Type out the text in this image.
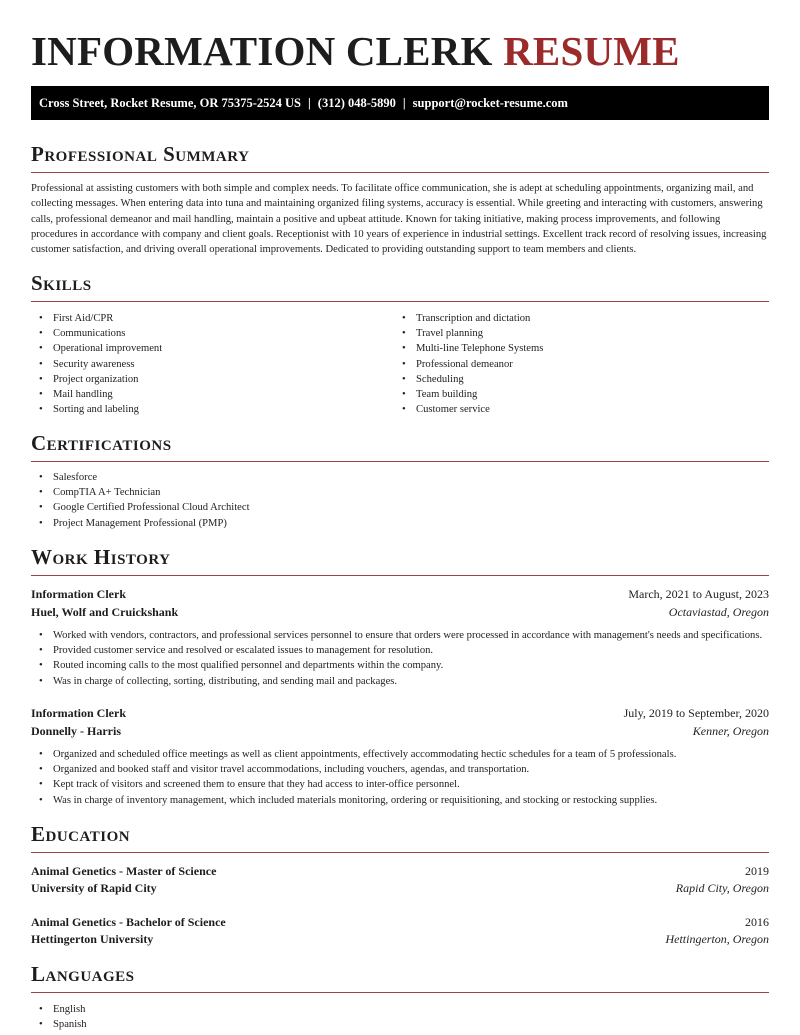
INFORMATION CLERK RESUME
Cross Street, Rocket Resume, OR 75375-2524 US | (312) 048-5890 | support@rocket-resume.com
Professional Summary

Professional at assisting customers with both simple and complex needs. To facilitate office communication, she is adept at scheduling appointments, organizing mail, and collecting messages. When entering data into tuna and maintaining organized filing systems, accuracy is essential. While greeting and interacting with customers, answering calls, professional demeanor and mail handling, maintain a positive and upbeat attitude. Known for taking initiative, making process improvements, and following procedures in accordance with company and client goals. Receptionist with 10 years of experience in industrial settings. Excellent track record of resolving issues, increasing customer satisfaction, and driving overall operational improvements. Dedicated to providing outstanding support to team members and clients.

Skills
• First Aid/CPR
• Communications
• Operational improvement
• Security awareness
• Project organization
• Mail handling
• Sorting and labeling
• Transcription and dictation
• Travel planning
• Multi-line Telephone Systems
• Professional demeanor
• Scheduling
• Team building
• Customer service
Certifications
• Salesforce
• CompTIA A+ Technician
• Google Certified Professional Cloud Architect
• Project Management Professional (PMP)
Work History
Information Clerk	March, 2021 to August, 2023
Huel, Wolf and Cruickshank	Octaviastad, Oregon
• Worked with vendors, contractors, and professional services personnel to ensure that orders were processed in accordance with management's needs and specifications.
• Provided customer service and resolved or escalated issues to management for resolution.
• Routed incoming calls to the most qualified personnel and departments within the company.
• Was in charge of collecting, sorting, distributing, and sending mail and packages.
Information Clerk	July, 2019 to September, 2020
Donnelly - Harris	Kenner, Oregon
• Organized and scheduled office meetings as well as client appointments, effectively accommodating hectic schedules for a team of 5 professionals.
• Organized and booked staff and visitor travel accommodations, including vouchers, agendas, and transportation.
• Kept track of visitors and screened them to ensure that they had access to inter-office personnel.
• Was in charge of inventory management, which included materials monitoring, ordering or requisitioning, and stocking or restocking supplies.
Education
Animal Genetics - Master of Science	2019
University of Rapid City	Rapid City, Oregon
Animal Genetics - Bachelor of Science	2016
Hettingerton University	Hettingerton, Oregon
Languages
• English
• Spanish
